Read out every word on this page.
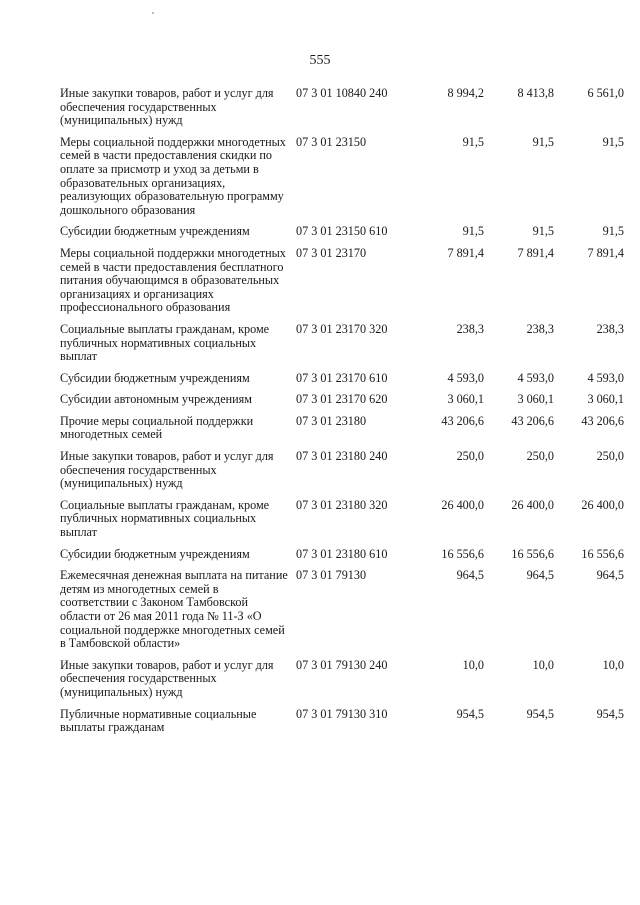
555
Иные закупки товаров, работ и услуг для обеспечения государственных (муниципальных) нужд	07 3 01 10840 240	8 994,2	8 413,8	6 561,0
Меры социальной поддержки многодетных семей в части предоставления скидки по оплате за присмотр и уход за детьми в образовательных организациях, реализующих образовательную программу дошкольного образования	07 3 01 23150	91,5	91,5	91,5
Субсидии бюджетным учреждениям	07 3 01 23150 610	91,5	91,5	91,5
Меры социальной поддержки многодетных семей в части предоставления бесплатного питания обучающимся в образовательных организациях и организациях профессионального образования	07 3 01 23170	7 891,4	7 891,4	7 891,4
Социальные выплаты гражданам, кроме публичных нормативных социальных выплат	07 3 01 23170 320	238,3	238,3	238,3
Субсидии бюджетным учреждениям	07 3 01 23170 610	4 593,0	4 593,0	4 593,0
Субсидии автономным учреждениям	07 3 01 23170 620	3 060,1	3 060,1	3 060,1
Прочие меры социальной поддержки многодетных семей	07 3 01 23180	43 206,6	43 206,6	43 206,6
Иные закупки товаров, работ и услуг для обеспечения государственных (муниципальных) нужд	07 3 01 23180 240	250,0	250,0	250,0
Социальные выплаты гражданам, кроме публичных нормативных социальных выплат	07 3 01 23180 320	26 400,0	26 400,0	26 400,0
Субсидии бюджетным учреждениям	07 3 01 23180 610	16 556,6	16 556,6	16 556,6
Ежемесячная денежная выплата на питание детям из многодетных семей в соответствии с Законом Тамбовской области от 26 мая 2011 года № 11-З «О социальной поддержке многодетных семей в Тамбовской области»	07 3 01 79130	964,5	964,5	964,5
Иные закупки товаров, работ и услуг для обеспечения государственных (муниципальных) нужд	07 3 01 79130 240	10,0	10,0	10,0
Публичные нормативные социальные выплаты гражданам	07 3 01 79130 310	954,5	954,5	954,5
